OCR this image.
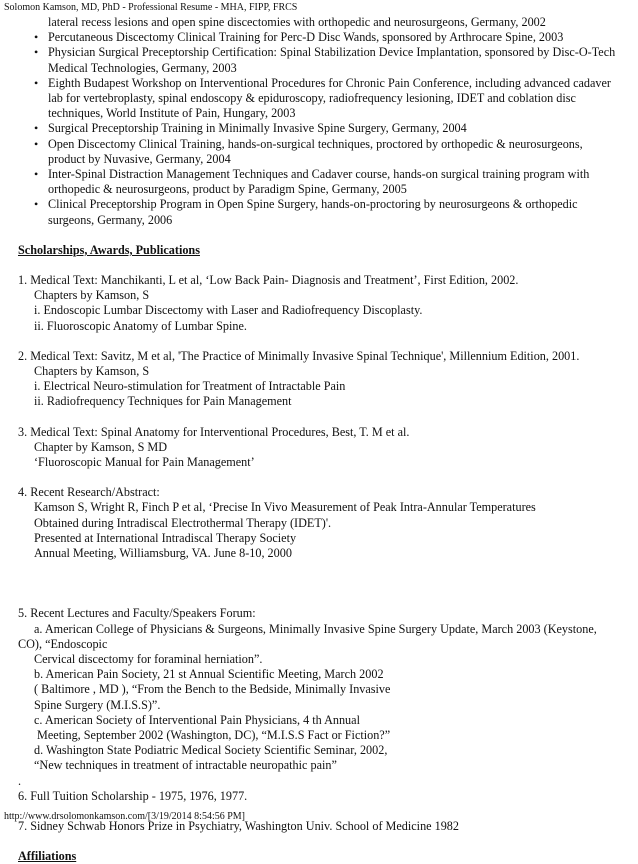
Solomon Kamson, MD, PhD - Professional Resume - MHA, FIPP, FRCS
lateral recess lesions and open spine discectomies with orthopedic and neurosurgeons, Germany, 2002
• Percutaneous Discectomy Clinical Training for Perc-D Disc Wands, sponsored by Arthrocare Spine, 2003
• Physician Surgical Preceptorship Certification: Spinal Stabilization Device Implantation, sponsored by Disc-O-Tech
Medical Technologies, Germany, 2003
• Eighth Budapest Workshop on Interventional Procedures for Chronic Pain Conference, including advanced cadaver
lab for vertebroplasty, spinal endoscopy & epiduroscopy, radiofrequency lesioning, IDET and coblation disc
techniques, World Institute of Pain, Hungary, 2003
• Surgical Preceptorship Training in Minimally Invasive Spine Surgery, Germany, 2004
• Open Discectomy Clinical Training, hands-on-surgical techniques, proctored by orthopedic & neurosurgeons,
product by Nuvasive, Germany, 2004
• Inter-Spinal Distraction Management Techniques and Cadaver course, hands-on surgical training program with
orthopedic & neurosurgeons, product by Paradigm Spine, Germany, 2005
• Clinical Preceptorship Program in Open Spine Surgery, hands-on-proctoring by neurosurgeons & orthopedic
surgeons, Germany, 2006
Scholarships, Awards, Publications
1. Medical Text: Manchikanti, L et al, ‘Low Back Pain- Diagnosis and Treatment’, First Edition, 2002.
Chapters by Kamson, S
i. Endoscopic Lumbar Discectomy with Laser and Radiofrequency Discoplasty.
ii. Fluoroscopic Anatomy of Lumbar Spine.
2. Medical Text: Savitz, M et al, 'The Practice of Minimally Invasive Spinal Technique', Millennium Edition, 2001.
Chapters by Kamson, S
i. Electrical Neuro-stimulation for Treatment of Intractable Pain
ii. Radiofrequency Techniques for Pain Management
3. Medical Text: Spinal Anatomy for Interventional Procedures, Best, T. M et al.
Chapter by Kamson, S MD
‘Fluoroscopic Manual for Pain Management’
4. Recent Research/Abstract:
Kamson S, Wright R, Finch P et al, ‘Precise In Vivo Measurement of Peak Intra-Annular Temperatures
Obtained during Intradiscal Electrothermal Therapy (IDET)'.
Presented at International Intradiscal Therapy Society
Annual Meeting, Williamsburg, VA. June 8-10, 2000
5. Recent Lectures and Faculty/Speakers Forum:
a. American College of Physicians & Surgeons, Minimally Invasive Spine Surgery Update, March 2003 (Keystone,
CO), “Endoscopic
Cervical discectomy for foraminal herniation”.
b. American Pain Society, 21 st Annual Scientific Meeting, March 2002
( Baltimore , MD ), “From the Bench to the Bedside, Minimally Invasive
Spine Surgery (M.I.S.S)”.
c. American Society of Interventional Pain Physicians, 4 th Annual
Meeting, September 2002 (Washington, DC), “M.I.S.S Fact or Fiction?”
d. Washington State Podiatric Medical Society Scientific Seminar, 2002,
“New techniques in treatment of intractable neuropathic pain”
.
6. Full Tuition Scholarship - 1975, 1976, 1977.
7. Sidney Schwab Honors Prize in Psychiatry, Washington Univ. School of Medicine 1982
Affiliations
http://www.drsolomonkamson.com/[3/19/2014 8:54:56 PM]
